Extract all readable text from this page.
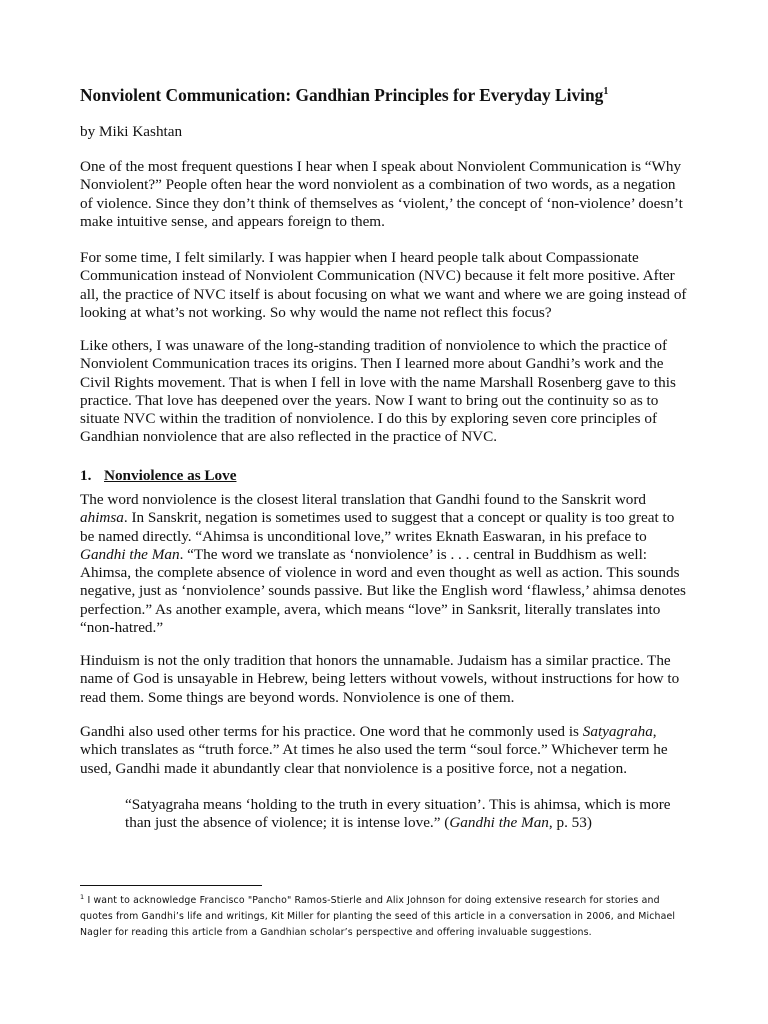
Nonviolent Communication: Gandhian Principles for Everyday Living$^1$

by Miki Kashtan

One of the most frequent questions I hear when I speak about Nonviolent Communication is “Why Nonviolent?” People often hear the word nonviolent as a combination of two words, as a negation of violence. Since they don’t think of themselves as ‘violent,’ the concept of ‘non-violence’ doesn’t make intuitive sense, and appears foreign to them.

For some time, I felt similarly. I was happier when I heard people talk about Compassionate Communication instead of Nonviolent Communication (NVC) because it felt more positive. After all, the practice of NVC itself is about focusing on what we want and where we are going instead of looking at what’s not working. So why would the name not reflect this focus?

Like others, I was unaware of the long-standing tradition of nonviolence to which the practice of Nonviolent Communication traces its origins. Then I learned more about Gandhi’s work and the Civil Rights movement. That is when I fell in love with the name Marshall Rosenberg gave to this practice. That love has deepened over the years. Now I want to bring out the continuity so as to situate NVC within the tradition of nonviolence. I do this by exploring seven core principles of Gandhian nonviolence that are also reflected in the practice of NVC.

1. Nonviolence as Love

The word nonviolence is the closest literal translation that Gandhi found to the Sanskrit word ahimsa. In Sanskrit, negation is sometimes used to suggest that a concept or quality is too great to be named directly. “Ahimsa is unconditional love,” writes Eknath Easwaran, in his preface to Gandhi the Man. “The word we translate as ‘nonviolence’ is . . . central in Buddhism as well: Ahimsa, the complete absence of violence in word and even thought as well as action. This sounds negative, just as ‘nonviolence’ sounds passive. But like the English word ‘flawless,’ ahimsa denotes perfection.” As another example, avera, which means “love” in Sanksrit, literally translates into “non-hatred.”

Hinduism is not the only tradition that honors the unnamable. Judaism has a similar practice. The name of God is unsayable in Hebrew, being letters without vowels, without instructions for how to read them. Some things are beyond words. Nonviolence is one of them.

Gandhi also used other terms for his practice. One word that he commonly used is Satyagraha, which translates as “truth force.” At times he also used the term “soul force.” Whichever term he used, Gandhi made it abundantly clear that nonviolence is a positive force, not a negation.

“Satyagraha means ‘holding to the truth in every situation’. This is ahimsa, which is more than just the absence of violence; it is intense love.” (Gandhi the Man, p. 53)

$^1$ I want to acknowledge Francisco "Pancho" Ramos-Stierle and Alix Johnson for doing extensive research for stories and quotes from Gandhi’s life and writings, Kit Miller for planting the seed of this article in a conversation in 2006, and Michael Nagler for reading this article from a Gandhian scholar’s perspective and offering invaluable suggestions.
